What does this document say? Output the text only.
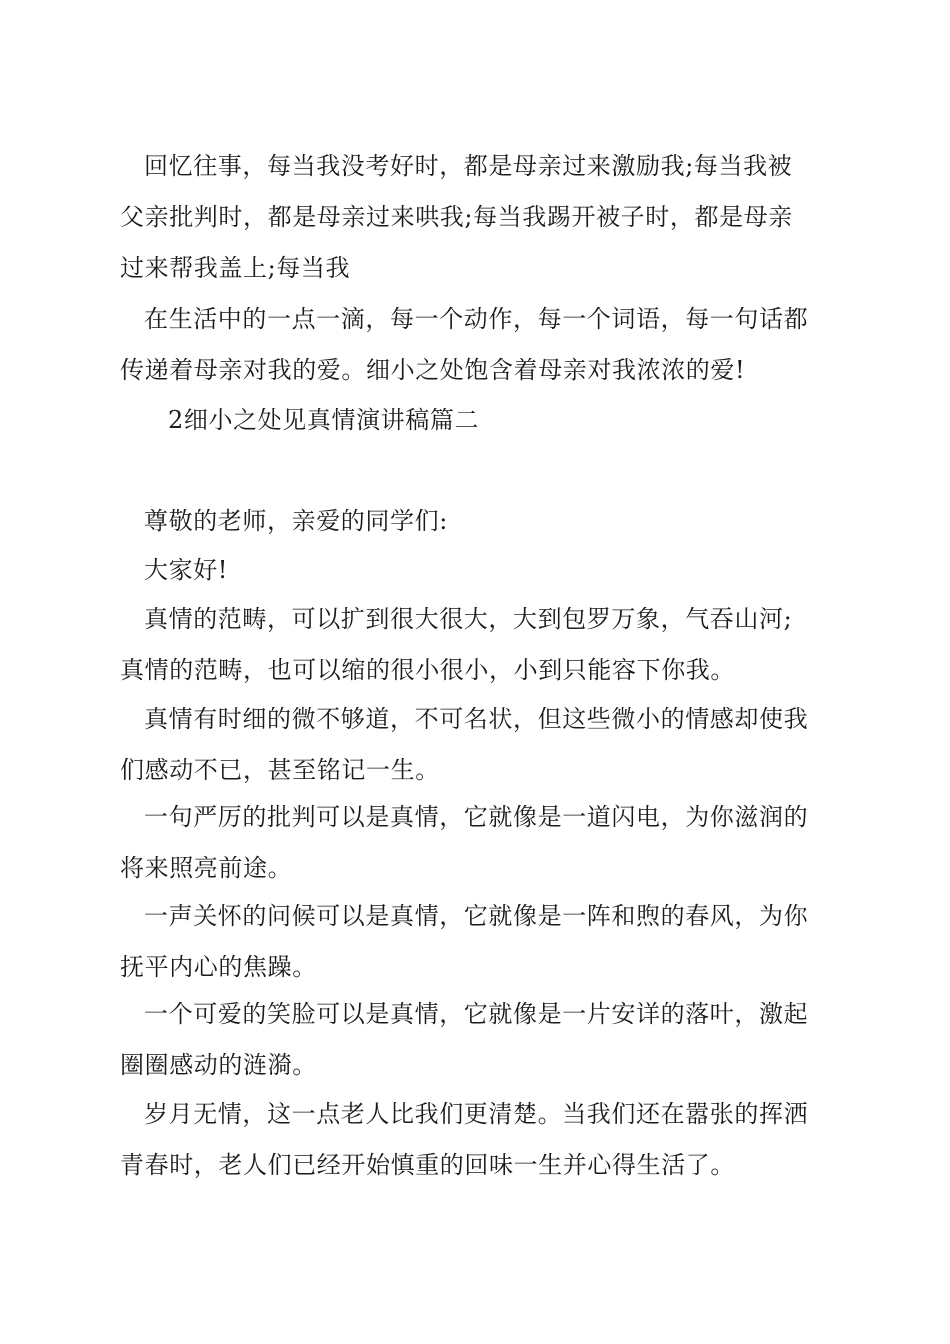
回忆往事，每当我没考好时，都是母亲过来激励我;每当我被
父亲批判时，都是母亲过来哄我;每当我踢开被子时，都是母亲
过来帮我盖上;每当我

在生活中的一点一滴，每一个动作，每一个词语，每一句话都
传递着母亲对我的爱。细小之处饱含着母亲对我浓浓的爱!

2细小之处见真情演讲稿篇二

尊敬的老师，亲爱的同学们:

大家好!

真情的范畴，可以扩到很大很大，大到包罗万象，气吞山河;
真情的范畴，也可以缩的很小很小，小到只能容下你我。

真情有时细的微不够道，不可名状，但这些微小的情感却使我
们感动不已，甚至铭记一生。

一句严厉的批判可以是真情，它就像是一道闪电，为你滋润的
将来照亮前途。

一声关怀的问候可以是真情，它就像是一阵和煦的春风，为你
抚平内心的焦躁。

一个可爱的笑脸可以是真情，它就像是一片安详的落叶，激起
圈圈感动的涟漪。

岁月无情，这一点老人比我们更清楚。当我们还在嚣张的挥洒
青春时，老人们已经开始慎重的回味一生并心得生活了。
